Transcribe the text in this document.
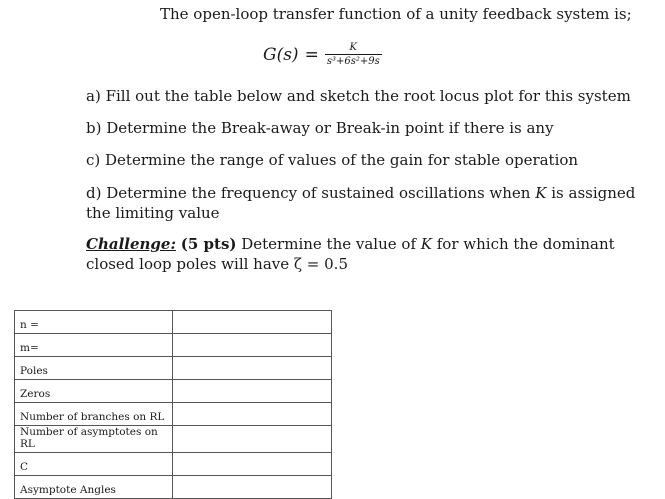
The open-loop transfer function of a unity feedback system is;
$G(s) = \frac{K}{\text{s³+6s²+9s}}$
a) Fill out the table below and sketch the root locus plot for this system
b) Determine the Break-away or Break-in point if there is any
c) Determine the range of values of the gain for stable operation
d) Determine the frequency of sustained oscillations when K is assigned the limiting value
Challenge: (5 pts) Determine the value of K for which the dominant closed loop poles will have ζ = 0.5
n =	
m=	
Poles	
Zeros	
Number of branches on RL	
Number of asymptotes on RL	
C	
Asymptote Angles	
